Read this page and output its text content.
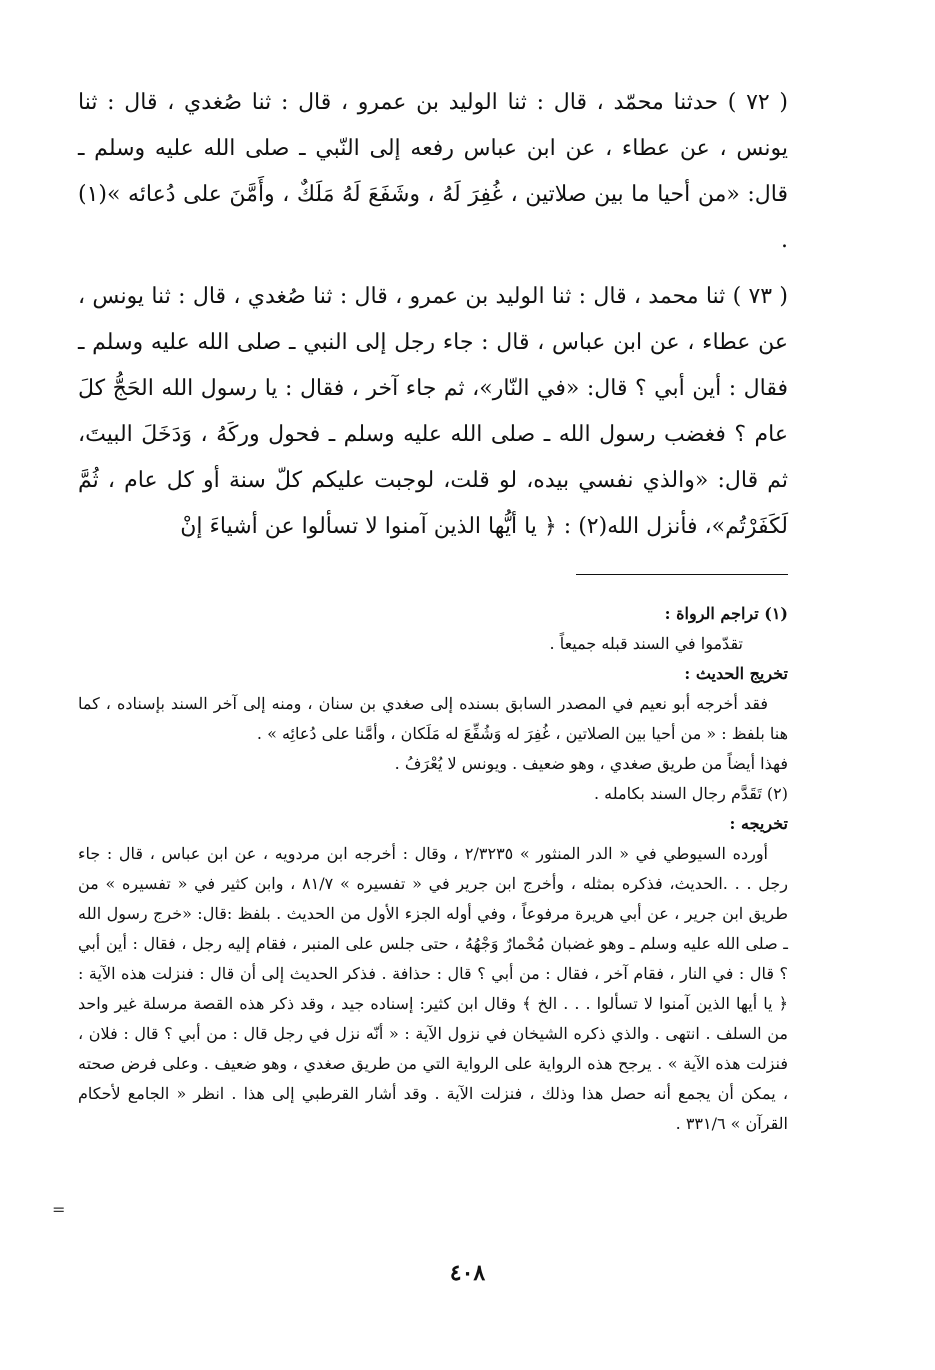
( ٧٢ ) حدثنا محمّد ، قال : ثنا الوليد بن عمرو ، قال : ثنا صُغدي ، قال : ثنا يونس ، عن عطاء ، عن ابن عباس رفعه إلى النّبي ـ صلى الله عليه وسلم ـ قال: «من أحيا ما بين صلاتين ، غُفِرَ لَهُ ، وشَفَعَ لَهُ مَلَكٌ ، وأَمَّنَ على دُعائه »(١) .

( ٧٣ ) ثنا محمد ، قال : ثنا الوليد بن عمرو ، قال : ثنا صُغدي ، قال : ثنا يونس ، عن عطاء ، عن ابن عباس ، قال : جاء رجل إلى النبي ـ صلى الله عليه وسلم ـ فقال : أين أبي ؟ قال: «في النّار»، ثم جاء آخر ، فقال : يا رسول الله الحَجُّ كلَ عام ؟ فغضب رسول الله ـ صلى الله عليه وسلم ـ فحول وركَهُ ، وَدَخَلَ البيتَ، ثم قال: «والذي نفسي بيده، لو قلت، لوجبت عليكم كلّ سنة أو كل عام ، ثُمَّ لَكَفَرْتُم»، فأنزل الله(٢) : ﴿ يا أيُّها الذين آمنوا لا تسألوا عن أشياءَ إنْ

(١) تراجم الرواة :

تقدّموا في السند قبله جميعاً .

تخريج الحديث :

فقد أخرجه أبو نعيم في المصدر السابق بسنده إلى صغدي بن سنان ، ومنه إلى آخر السند بإسناده ، كما هنا بلفظ : « من أحيا بين الصلاتين ، غُفِرَ له وَشُفِّعَ له مَلَكان ، وأمَّنا على دُعائِه » .

فهذا أيضاً من طريق صغدي ، وهو ضعيف . ويونس لا يُعْرَفُ .

(٢) تَقَدَّم رجال السند بكامله .

تخريجه :

أورده السيوطي في « الدر المنثور » ٢/٣٢٣٥ ، وقال : أخرجه ابن مردويه ، عن ابن عباس ، قال : جاء رجل . . .الحديث، فذكره بمثله ، وأخرج ابن جرير في « تفسيره » ٨١/٧ ، وابن كثير في « تفسيره » من طريق ابن جرير ، عن أبي هريرة مرفوعاً ، وفي أوله الجزء الأول من الحديث . بلفظ :قال: «خرج رسول الله ـ صلى الله عليه وسلم ـ وهو غضبان مُحْمارٌ وَجْهُهُ ، حتى جلس على المنبر ، فقام إليه رجل ، فقال : أين أبي ؟ قال : في النار ، فقام آخر ، فقال : من أبي ؟ قال : حذافة . فذكر الحديث إلى أن قال : فنزلت هذه الآية : ﴿ يا أيها الذين آمنوا لا تسألوا . . . الخ ﴾ وقال ابن كثير: إسناده جيد ، وقد ذكر هذه القصة مرسلة غير واحد من السلف . انتهى . والذي ذكره الشيخان في نزول الآية : « أنّه نزل في رجل قال : من أبي ؟ قال : فلان ، فنزلت هذه الآية » . يرجح هذه الرواية على الرواية التي من طريق صغدي ، وهو ضعيف . وعلى فرض صحته ، يمكن أن يجمع أنه حصل هذا وذلك ، فنزلت الآية . وقد أشار القرطبي إلى هذا . انظر « الجامع لأحكام القرآن » ٣٣١/٦ .

٤٠٨
=
